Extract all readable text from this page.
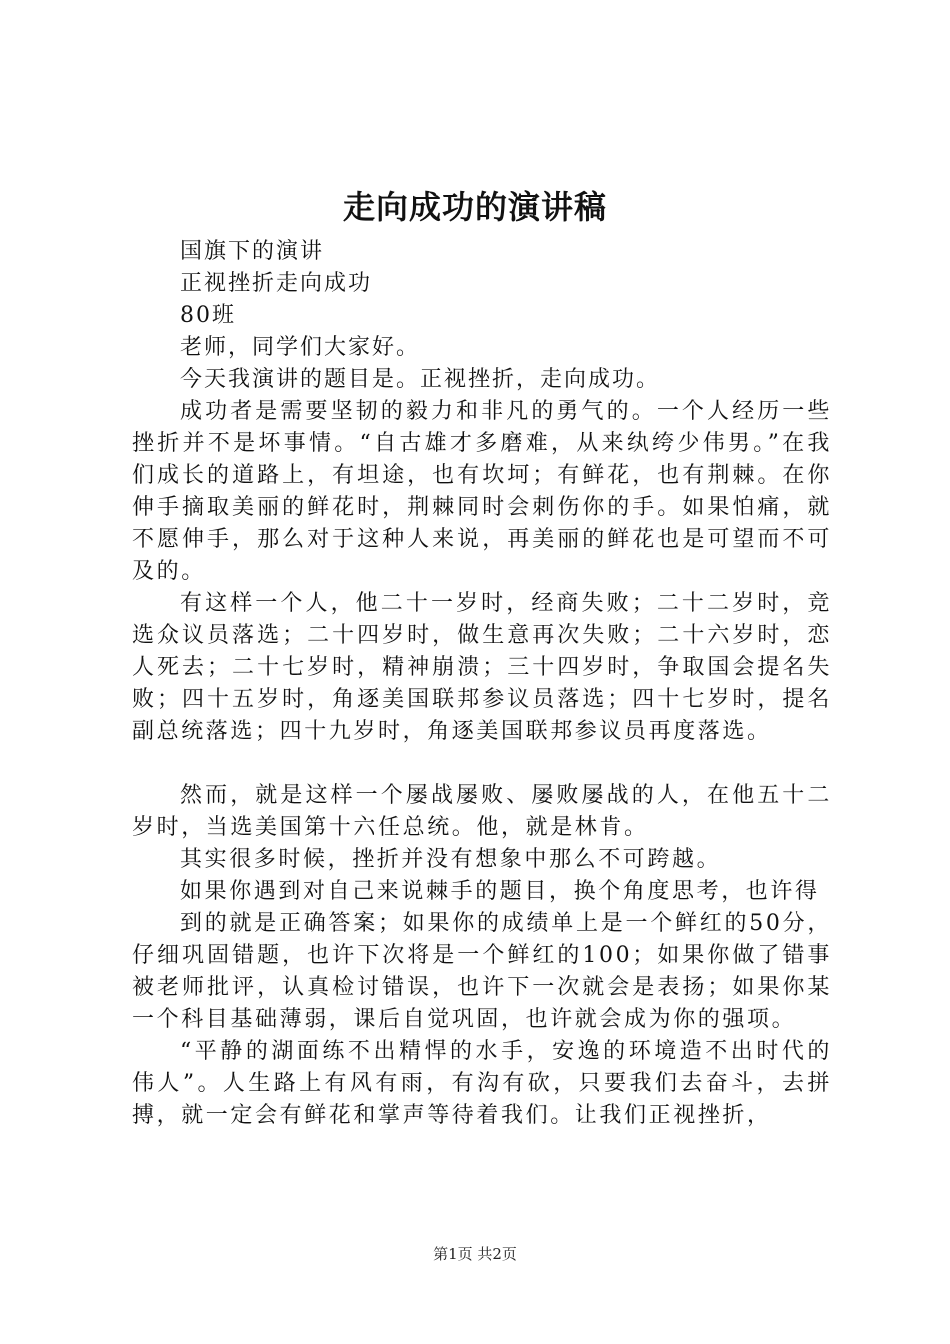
走向成功的演讲稿

国旗下的演讲

正视挫折走向成功

80班

老师，同学们大家好。

今天我演讲的题目是。正视挫折，走向成功。

成功者是需要坚韧的毅力和非凡的勇气的。一个人经历一些挫折并不是坏事情。“自古雄才多磨难，从来纨绔少伟男。”在我们成长的道路上，有坦途，也有坎坷；有鲜花，也有荆棘。在你伸手摘取美丽的鲜花时，荆棘同时会刺伤你的手。如果怕痛，就不愿伸手，那么对于这种人来说，再美丽的鲜花也是可望而不可及的。

有这样一个人，他二十一岁时，经商失败；二十二岁时，竞选众议员落选；二十四岁时，做生意再次失败；二十六岁时，恋人死去；二十七岁时，精神崩溃；三十四岁时，争取国会提名失败；四十五岁时，角逐美国联邦参议员落选；四十七岁时，提名副总统落选；四十九岁时，角逐美国联邦参议员再度落选。

然而，就是这样一个屡战屡败、屡败屡战的人，在他五十二岁时，当选美国第十六任总统。他，就是林肯。

其实很多时候，挫折并没有想象中那么不可跨越。

如果你遇到对自己来说棘手的题目，换个角度思考，也许得

到的就是正确答案；如果你的成绩单上是一个鲜红的50分，仔细巩固错题，也许下次将是一个鲜红的100；如果你做了错事被老师批评，认真检讨错误，也许下一次就会是表扬；如果你某一个科目基础薄弱，课后自觉巩固，也许就会成为你的强项。

“平静的湖面练不出精悍的水手，安逸的环境造不出时代的伟人”。人生路上有风有雨，有沟有砍，只要我们去奋斗，去拼搏，就一定会有鲜花和掌声等待着我们。让我们正视挫折，

第1页 共2页
